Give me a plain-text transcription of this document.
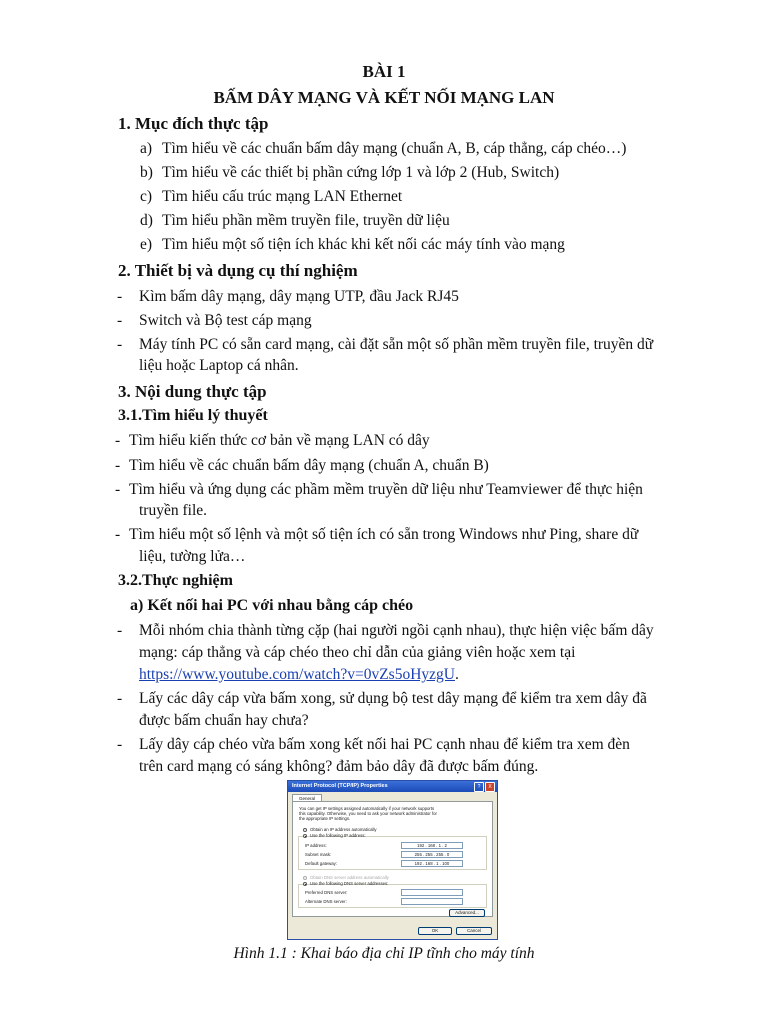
BÀI 1
BẤM DÂY MẠNG VÀ KẾT NỐI MẠNG LAN
1. Mục đích thực tập
a) Tìm hiểu về các chuẩn bấm dây mạng (chuẩn A, B, cáp thẳng, cáp chéo…)
b) Tìm hiểu về các thiết bị phần cứng lớp 1 và lớp 2 (Hub, Switch)
c) Tìm hiểu cấu trúc mạng LAN Ethernet
d) Tìm hiểu phần mềm truyền file, truyền dữ liệu
e) Tìm hiểu một số tiện ích khác khi kết nối các máy tính vào mạng
2. Thiết bị và dụng cụ thí nghiệm
- Kìm bấm dây mạng, dây mạng UTP, đầu Jack RJ45
- Switch và Bộ test cáp mạng
- Máy tính PC có sẵn card mạng, cài đặt sẵn một số phần mềm truyền file, truyền dữ
liệu hoặc Laptop cá nhân.
3. Nội dung thực tập
3.1.Tìm hiểu lý thuyết
- Tìm hiểu kiến thức cơ bản về mạng LAN có dây
- Tìm hiểu về các chuẩn bấm dây mạng (chuẩn A, chuẩn B)
- Tìm hiểu và ứng dụng các phầm mềm truyền dữ liệu như Teamviewer để thực hiện
truyền file.
- Tìm hiểu một số lệnh và một số tiện ích có sẵn trong Windows như Ping, share dữ
liệu, tường lửa…
3.2.Thực nghiệm
a) Kết nối hai PC với nhau bằng cáp chéo
- Mỗi nhóm chia thành từng cặp (hai người ngồi cạnh nhau), thực hiện việc bấm dây
mạng: cáp thẳng và cáp chéo theo chỉ dẫn của giảng viên hoặc xem tại
https://www.youtube.com/watch?v=0vZs5oHyzgU.
- Lấy các dây cáp vừa bấm xong, sử dụng bộ test dây mạng để kiểm tra xem dây đã
được bấm chuẩn hay chưa?
- Lấy dây cáp chéo vừa bấm xong kết nối hai PC cạnh nhau để kiểm tra xem đèn
trên card mạng có sáng không? đảm bảo dây đã được bấm đúng.
Internet Protocol (TCP/IP) Properties	?	X
General
You can get IP settings assigned automatically if your network supports
this capability. Otherwise, you need to ask your network administrator for
the appropriate IP settings.
Obtain an IP address automatically
Use the following IP address:
IP address:	192 . 168 . 1 . 2
Subnet mask:	255 . 255 . 255 . 0
Default gateway:	192 . 168 . 1 . 100
Obtain DNS server address automatically
Use the following DNS server addresses:
Preferred DNS server:
Alternate DNS server:
Advanced...
OK	Cancel
Hình 1.1 : Khai báo địa chỉ IP tĩnh cho máy tính
